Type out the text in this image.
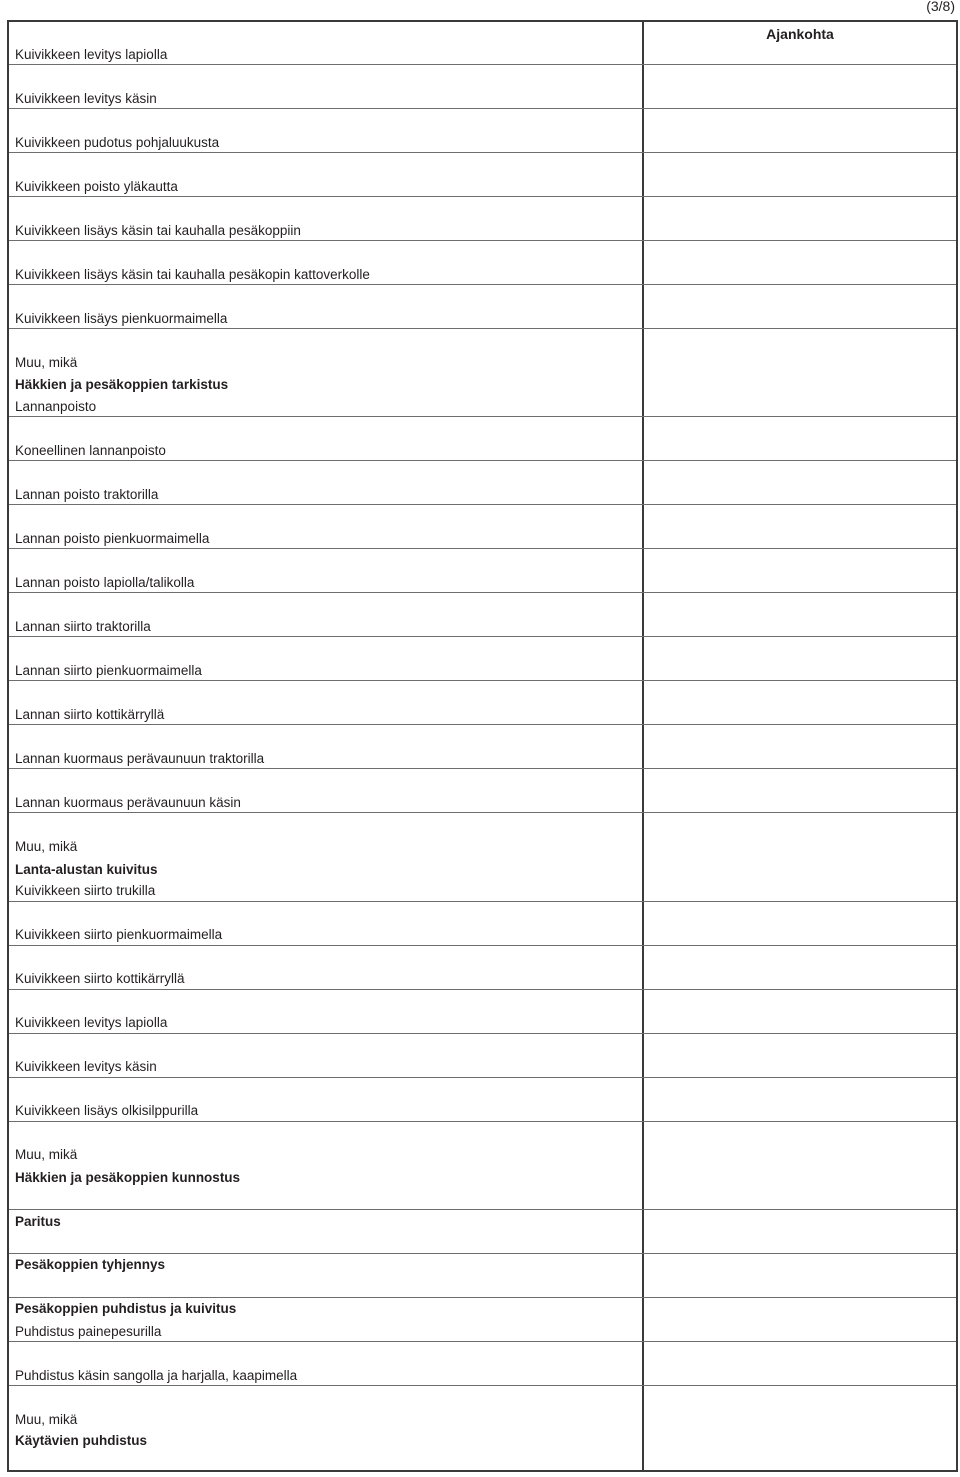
(3/8)
Ajankohta
Kuivikkeen levitys lapiolla
Kuivikkeen levitys käsin
Kuivikkeen pudotus pohjaluukusta
Kuivikkeen poisto yläkautta
Kuivikkeen lisäys käsin tai kauhalla pesäkoppiin
Kuivikkeen lisäys käsin tai kauhalla pesäkopin kattoverkolle
Kuivikkeen lisäys pienkuormaimella
Muu, mikä
Häkkien ja pesäkoppien tarkistus
Lannanpoisto
Koneellinen lannanpoisto
Lannan poisto traktorilla
Lannan poisto pienkuormaimella
Lannan poisto lapiolla/talikolla
Lannan siirto traktorilla
Lannan siirto pienkuormaimella
Lannan siirto kottikärryllä
Lannan kuormaus perävaunuun traktorilla
Lannan kuormaus perävaunuun käsin
Muu, mikä
Lanta-alustan kuivitus
Kuivikkeen siirto trukilla
Kuivikkeen siirto pienkuormaimella
Kuivikkeen siirto kottikärryllä
Kuivikkeen levitys lapiolla
Kuivikkeen levitys käsin
Kuivikkeen lisäys olkisilppurilla
Muu, mikä
Häkkien ja pesäkoppien kunnostus
Paritus
Pesäkoppien tyhjennys
Pesäkoppien puhdistus ja kuivitus
Puhdistus painepesurilla
Puhdistus käsin sangolla ja harjalla, kaapimella
Muu, mikä
Käytävien puhdistus
